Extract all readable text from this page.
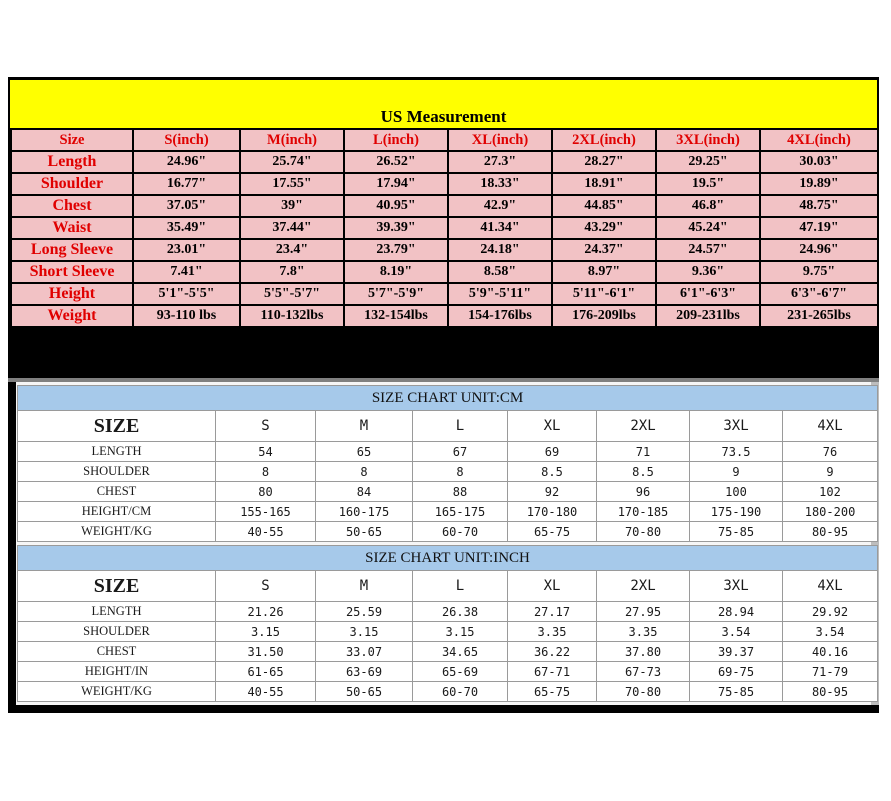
US Measurement
Size	S(inch)	M(inch)	L(inch)	XL(inch)	2XL(inch)	3XL(inch)	4XL(inch)
Length	24.96"	25.74"	26.52"	27.3"	28.27"	29.25"	30.03"
Shoulder	16.77"	17.55"	17.94"	18.33"	18.91"	19.5"	19.89"
Chest	37.05"	39"	40.95"	42.9"	44.85"	46.8"	48.75"
Waist	35.49"	37.44"	39.39"	41.34"	43.29"	45.24"	47.19"
Long Sleeve	23.01"	23.4"	23.79"	24.18"	24.37"	24.57"	24.96"
Short Sleeve	7.41"	7.8"	8.19"	8.58"	8.97"	9.36"	9.75"
Height	5'1"-5'5"	5'5"-5'7"	5'7"-5'9"	5'9"-5'11"	5'11"-6'1"	6'1"-6'3"	6'3"-6'7"
Weight	93-110 lbs	110-132lbs	132-154lbs	154-176lbs	176-209lbs	209-231lbs	231-265lbs
SIZE CHART UNIT:CM							
SIZE	S	M	L	XL	2XL	3XL	4XL
LENGTH	54	65	67	69	71	73.5	76
SHOULDER	8	8	8	8.5	8.5	9	9
CHEST	80	84	88	92	96	100	102
HEIGHT/CM	155-165	160-175	165-175	170-180	170-185	175-190	180-200
WEIGHT/KG	40-55	50-65	60-70	65-75	70-80	75-85	80-95
SIZE CHART UNIT:INCH							
SIZE	S	M	L	XL	2XL	3XL	4XL
LENGTH	21.26	25.59	26.38	27.17	27.95	28.94	29.92
SHOULDER	3.15	3.15	3.15	3.35	3.35	3.54	3.54
CHEST	31.50	33.07	34.65	36.22	37.80	39.37	40.16
HEIGHT/IN	61-65	63-69	65-69	67-71	67-73	69-75	71-79
WEIGHT/KG	40-55	50-65	60-70	65-75	70-80	75-85	80-95
